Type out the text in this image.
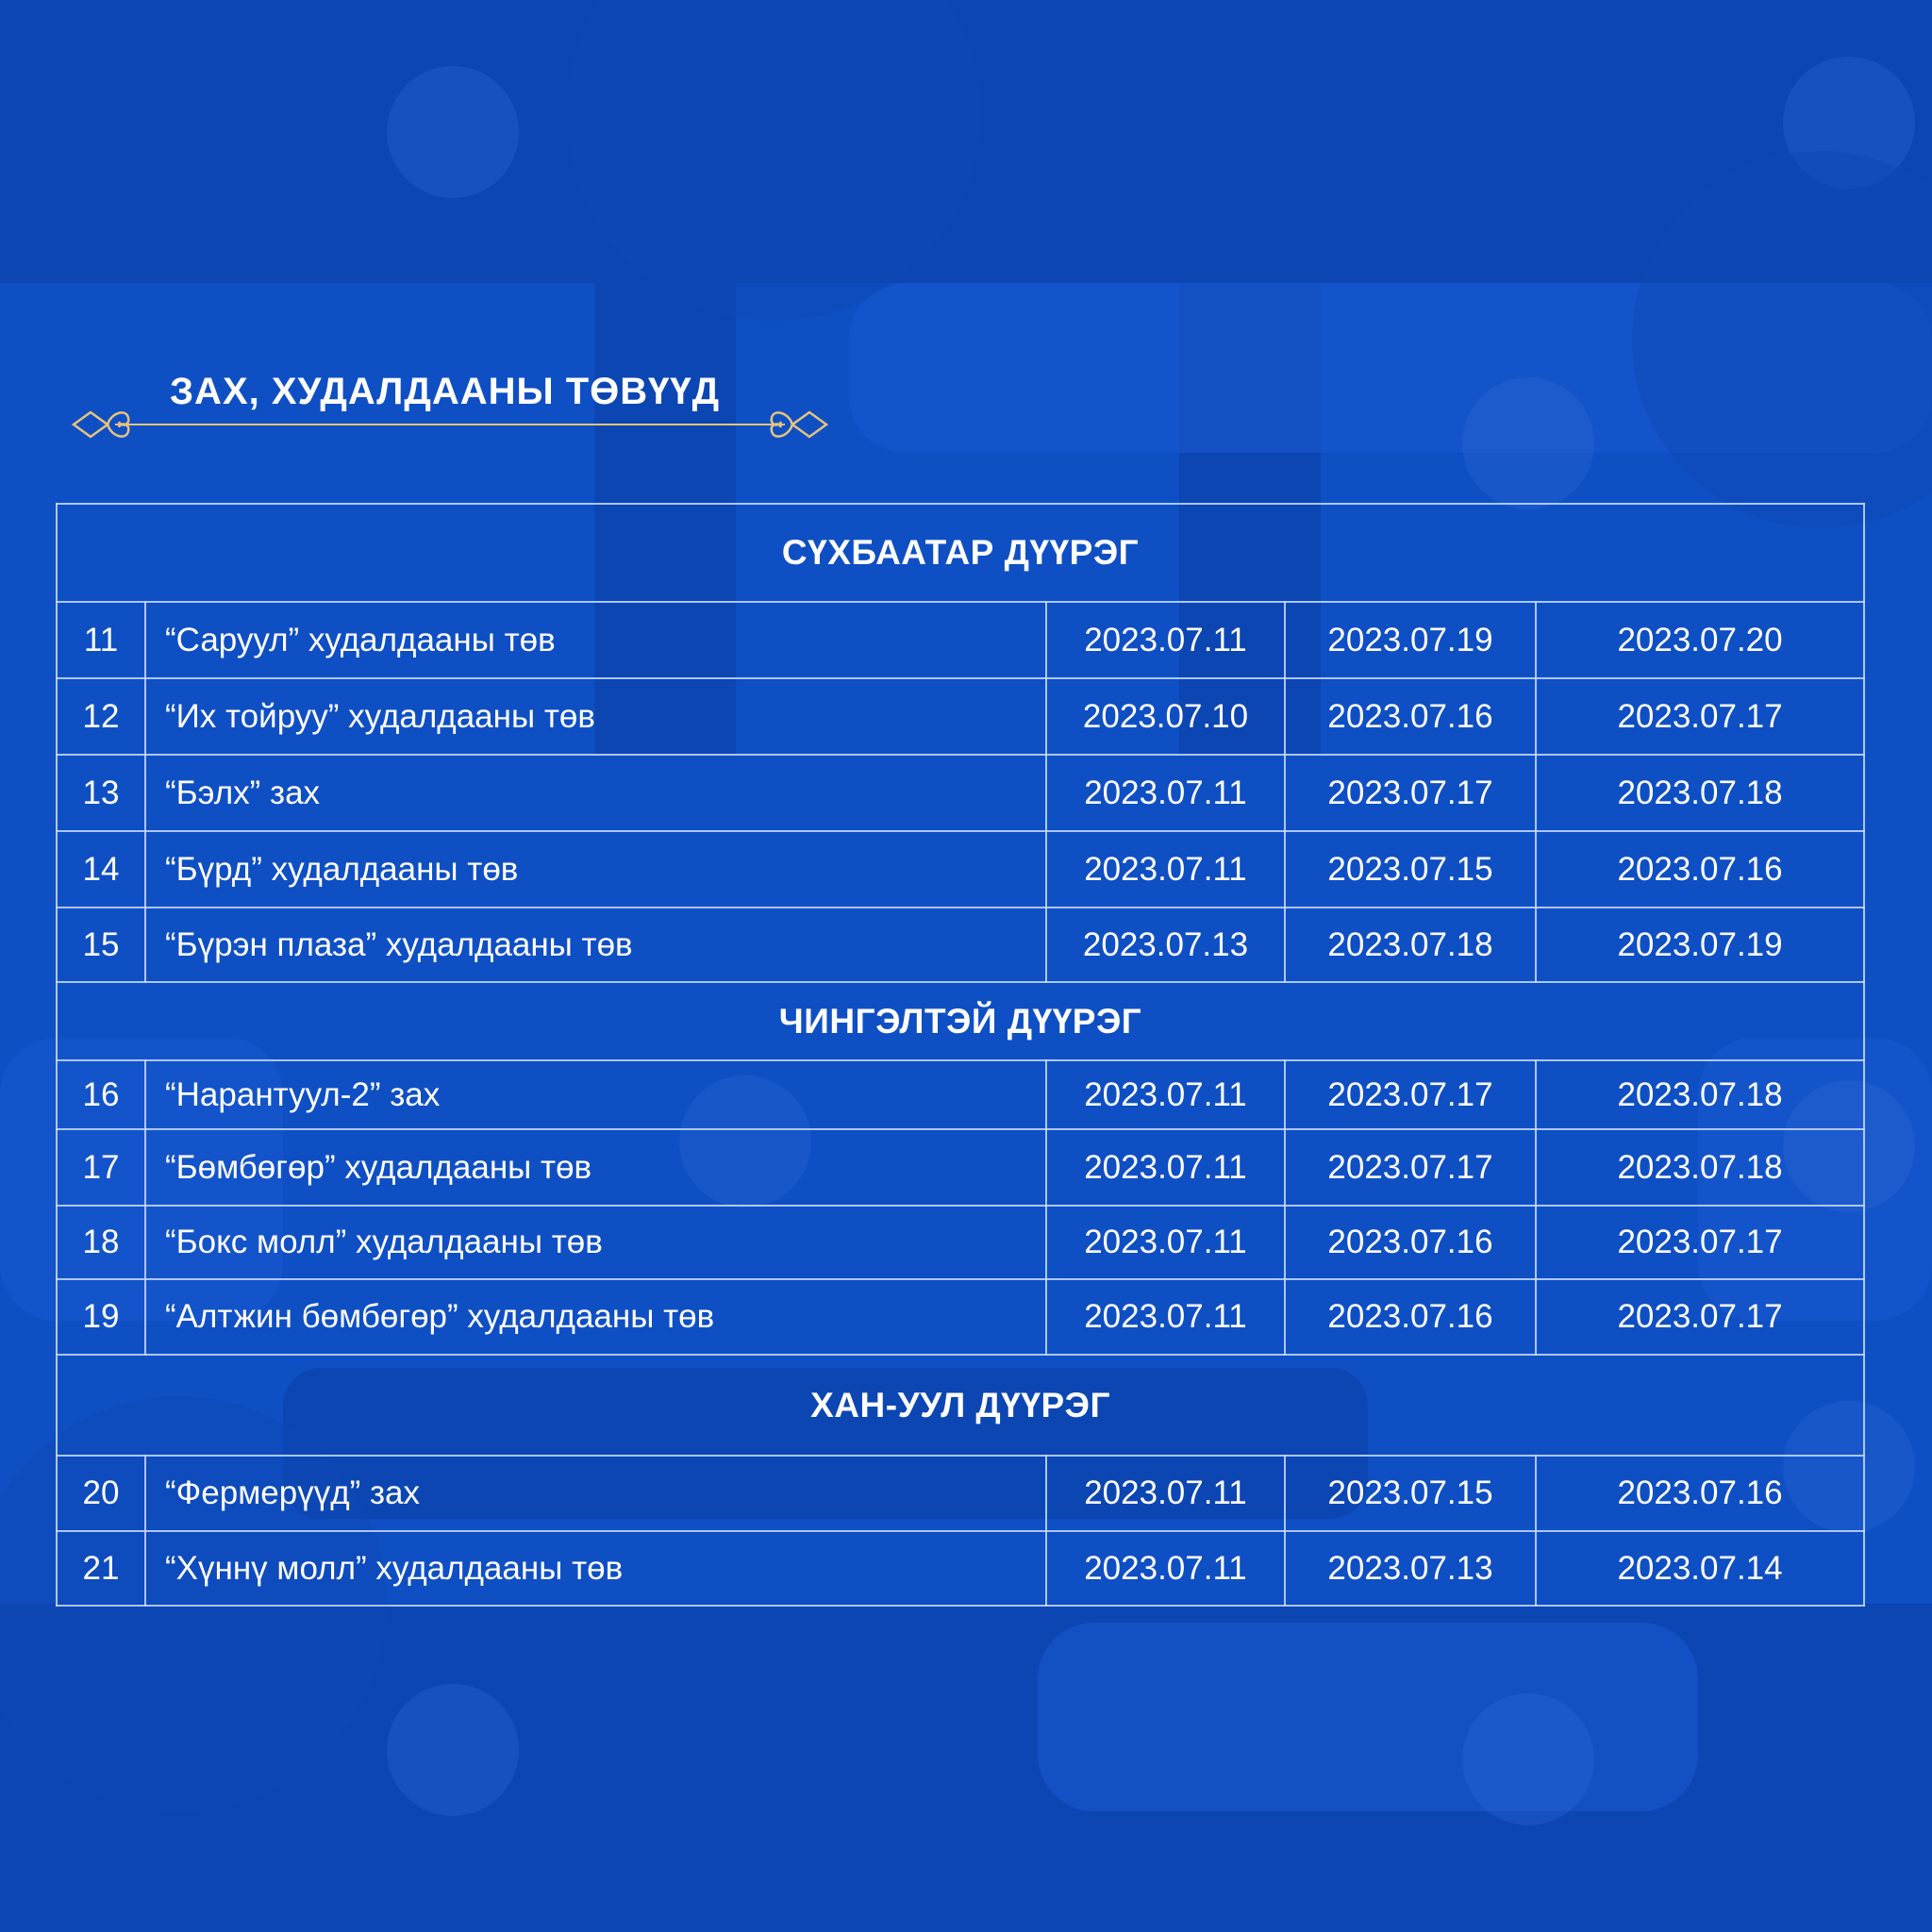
ЗАХ, ХУДАЛДААНЫ ТӨВҮҮД
СҮХБААТАР ДҮҮРЭГ				
11	“Саруул” худалдааны төв	2023.07.11	2023.07.19	2023.07.20
12	“Их тойруу” худалдааны төв	2023.07.10	2023.07.16	2023.07.17
13	“Бэлх” зах	2023.07.11	2023.07.17	2023.07.18
14	“Бүрд” худалдааны төв	2023.07.11	2023.07.15	2023.07.16
15	“Бүрэн плаза” худалдааны төв	2023.07.13	2023.07.18	2023.07.19
ЧИНГЭЛТЭЙ ДҮҮРЭГ				
16	“Нарантуул-2” зах	2023.07.11	2023.07.17	2023.07.18
17	“Бөмбөгөр” худалдааны төв	2023.07.11	2023.07.17	2023.07.18
18	“Бокс молл” худалдааны төв	2023.07.11	2023.07.16	2023.07.17
19	“Алтжин бөмбөгөр” худалдааны төв	2023.07.11	2023.07.16	2023.07.17
ХАН-УУЛ ДҮҮРЭГ				
20	“Фермерүүд” зах	2023.07.11	2023.07.15	2023.07.16
21	“Хүннү молл” худалдааны төв	2023.07.11	2023.07.13	2023.07.14
